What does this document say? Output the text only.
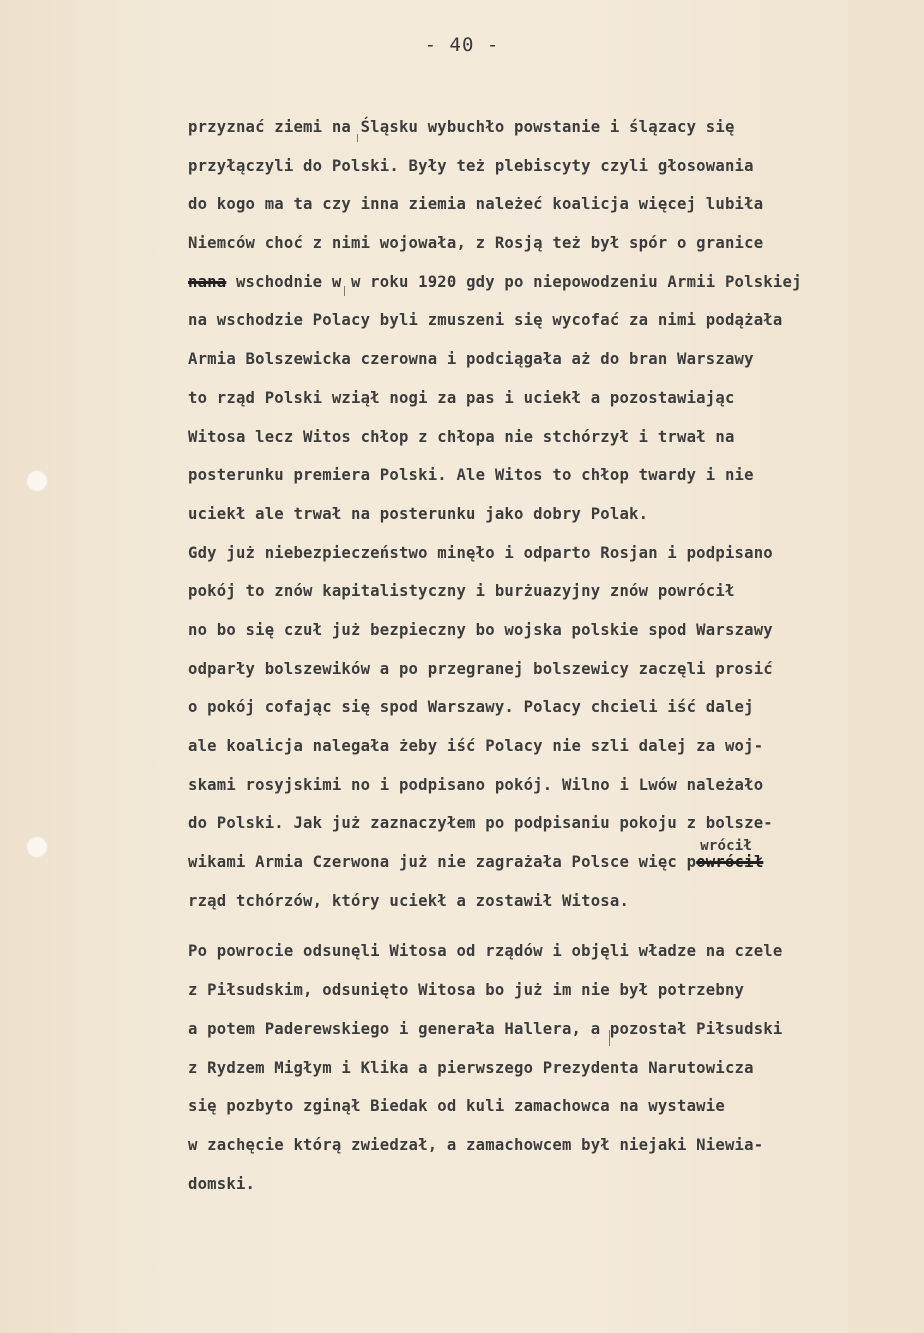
- 40 -
przyznać ziemi na Śląsku wybuchło powstanie i ślązacy się
przyłączyli do Polski. Były też plebiscyty czyli głosowania
do kogo ma ta czy inna ziemia należeć koalicja więcej lubiła
Niemców choć z nimi wojowała, z Rosją też był spór o granice
nana wschodnie w w roku 1920 gdy po niepowodzeniu Armii Polskiej
na wschodzie Polacy byli zmuszeni się wycofać za nimi podążała
Armia Bolszewicka czerowna i podciągała aż do bran Warszawy
to rząd Polski wziął nogi za pas i uciekł a pozostawiając
Witosa lecz Witos chłop z chłopa nie stchórzył i trwał na
posterunku premiera Polski. Ale Witos to chłop twardy i nie
uciekł ale trwał na posterunku jako dobry Polak.
Gdy już niebezpieczeństwo minęło i odparto Rosjan i podpisano
pokój to znów kapitalistyczny i burżuazyjny znów powrócił
no bo się czuł już bezpieczny bo wojska polskie spod Warszawy
odparły bolszewików a po przegranej bolszewicy zaczęli prosić
o pokój cofając się spod Warszawy. Polacy chcieli iść dalej
ale koalicja nalegała żeby iść Polacy nie szli dalej za woj-
skami rosyjskimi no i podpisano pokój. Wilno i Lwów należało
do Polski. Jak już zaznaczyłem po podpisaniu pokoju z bolsze-
wikami Armia Czerwona już nie zagrażała Polsce więc p
wrócił
owrócił
rząd tchórzów, który uciekł a zostawił Witosa.
Po powrocie odsunęli Witosa od rządów i objęli władze na czele
z Piłsudskim, odsunięto Witosa bo już im nie był potrzebny
a potem Paderewskiego i generała Hallera, a pozostał Piłsudski
z Rydzem Migłym i Klika a pierwszego Prezydenta Narutowicza
się pozbyto zginął Biedak od kuli zamachowca na wystawie
w zachęcie którą zwiedzał, a zamachowcem był niejaki Niewia-
domski.
